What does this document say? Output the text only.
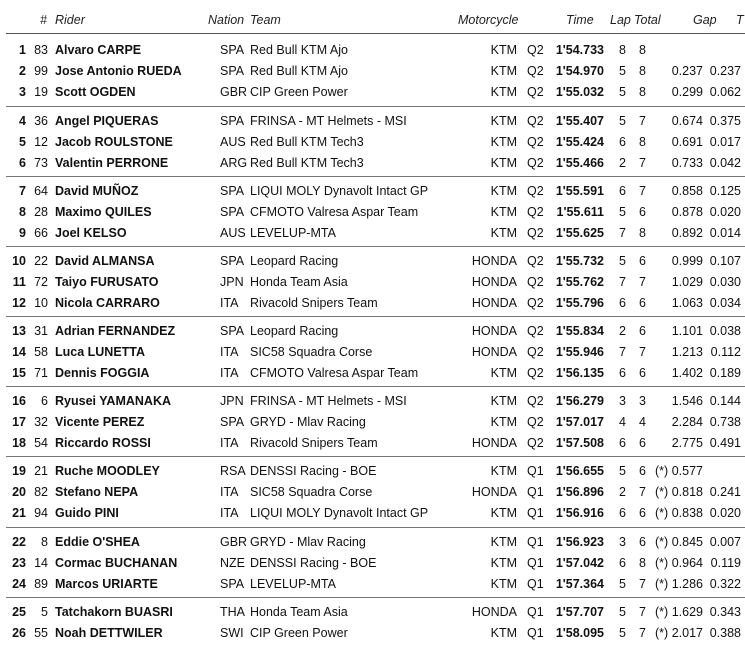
# Rider	Nation Team	Motorcycle	Time Lap Total	Gap T
1 83 Alvaro CARPE	SPA Red Bull KTM Ajo	KTM Q2 1'54.733	8	8
2 99 Jose Antonio RUEDA	SPA Red Bull KTM Ajo	KTM Q2 1'54.970	5	8	0.237 0.237
3 19 Scott OGDEN	GBR CIP Green Power	KTM Q2 1'55.032	5	8	0.299 0.062
4 36 Angel PIQUERAS	SPA FRINSA - MT Helmets - MSI	KTM Q2 1'55.407	5	7	0.674 0.375
5 12 Jacob ROULSTONE	AUS Red Bull KTM Tech3	KTM Q2 1'55.424	6	8	0.691 0.017
6 73 Valentin PERRONE	ARG Red Bull KTM Tech3	KTM Q2 1'55.466	2	7	0.733 0.042
7 64 David MUÑOZ	SPA LIQUI MOLY Dynavolt Intact GP	KTM Q2 1'55.591	6	7	0.858 0.125
8 28 Maximo QUILES	SPA CFMOTO Valresa Aspar Team	KTM Q2 1'55.611	5	6	0.878 0.020
9 66 Joel KELSO	AUS LEVELUP-MTA	KTM Q2 1'55.625	7	8	0.892 0.014
10 22 David ALMANSA	SPA Leopard Racing	HONDA Q2 1'55.732	5	6	0.999 0.107
11 72 Taiyo FURUSATO	JPN Honda Team Asia	HONDA Q2 1'55.762	7	7	1.029 0.030
12 10 Nicola CARRARO	ITA Rivacold Snipers Team	HONDA Q2 1'55.796	6	6	1.063 0.034
13 31 Adrian FERNANDEZ	SPA Leopard Racing	HONDA Q2 1'55.834	2	6	1.101 0.038
14 58 Luca LUNETTA	ITA SIC58 Squadra Corse	HONDA Q2 1'55.946	7	7	1.213 0.112
15 71 Dennis FOGGIA	ITA CFMOTO Valresa Aspar Team	KTM Q2 1'56.135	6	6	1.402 0.189
16	6 Ryusei YAMANAKA	JPN FRINSA - MT Helmets - MSI	KTM Q2 1'56.279	3	3	1.546 0.144
17 32 Vicente PEREZ	SPA GRYD - Mlav Racing	KTM Q2 1'57.017	4	4	2.284 0.738
18 54 Riccardo ROSSI	ITA Rivacold Snipers Team	HONDA Q2 1'57.508	6	6	2.775 0.491
19 21 Ruche MOODLEY	RSA DENSSI Racing - BOE	KTM Q1 1'56.655	5	6 (*) 0.577
20 82 Stefano NEPA	ITA SIC58 Squadra Corse	HONDA Q1 1'56.896	2	7 (*) 0.818 0.241
21 94 Guido PINI	ITA LIQUI MOLY Dynavolt Intact GP	KTM Q1 1'56.916	6	6 (*) 0.838 0.020
22	8 Eddie O'SHEA	GBR GRYD - Mlav Racing	KTM Q1 1'56.923	3	6 (*) 0.845 0.007
23 14 Cormac BUCHANAN	NZE DENSSI Racing - BOE	KTM Q1 1'57.042	6	8 (*) 0.964 0.119
24 89 Marcos URIARTE	SPA LEVELUP-MTA	KTM Q1 1'57.364	5	7 (*) 1.286 0.322
25	5 Tatchakorn BUASRI	THA Honda Team Asia	HONDA Q1 1'57.707	5	7 (*) 1.629 0.343
26 55 Noah DETTWILER	SWI CIP Green Power	KTM Q1 1'58.095	5	7 (*) 2.017 0.388
